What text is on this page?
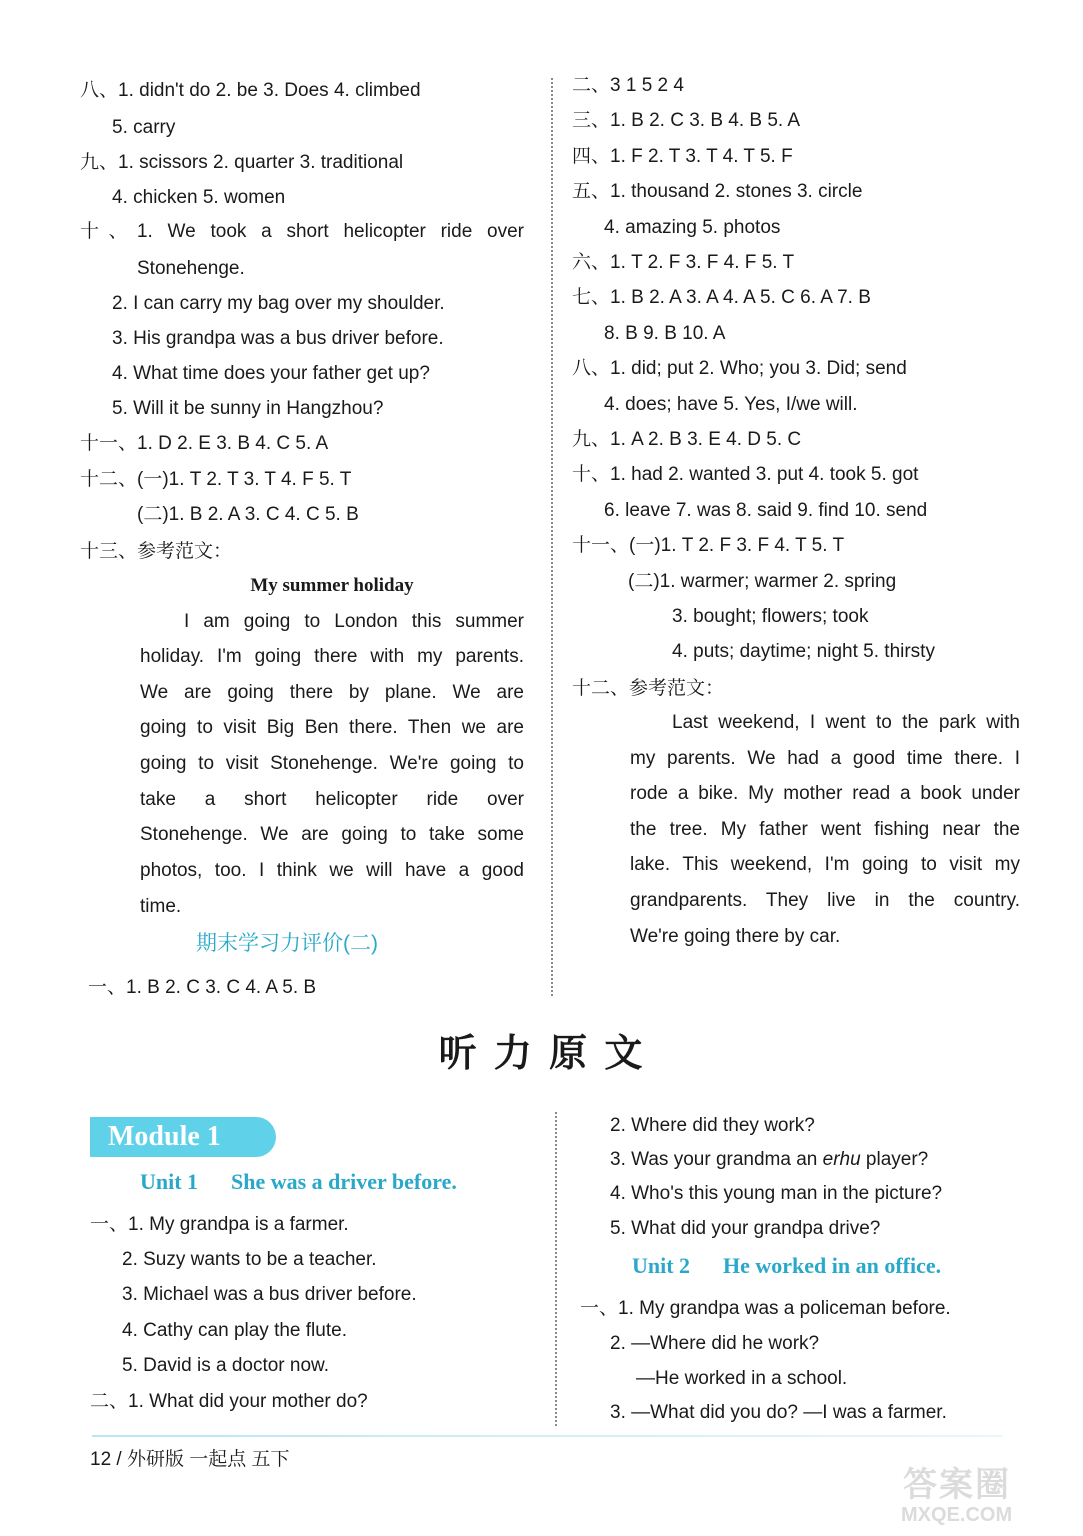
八、1. didn't do 2. be 3. Does 4. climbed
5. carry
九、1. scissors 2. quarter 3. traditional
4. chicken 5. women
十、1. We took a short helicopter ride over
Stonehenge.
2. I can carry my bag over my shoulder.
3. His grandpa was a bus driver before.
4. What time does your father get up?
5. Will it be sunny in Hangzhou?
十一、1. D 2. E 3. B 4. C 5. A
十二、(一)1. T 2. T 3. T 4. F 5. T
(二)1. B 2. A 3. C 4. C 5. B
十三、参考范文：
My summer holiday
I am going to London this summer
holiday. I'm going there with my parents.
We are going there by plane. We are
going to visit Big Ben there. Then we are
going to visit Stonehenge. We're going to
take a short helicopter ride over
Stonehenge. We are going to take some
photos, too. I think we will have a good
time.
期末学习力评价(二)
一、1. B 2. C 3. C 4. A 5. B
二、3 1 5 2 4
三、1. B 2. C 3. B 4. B 5. A
四、1. F 2. T 3. T 4. T 5. F
五、1. thousand 2. stones 3. circle
4. amazing 5. photos
六、1. T 2. F 3. F 4. F 5. T
七、1. B 2. A 3. A 4. A 5. C 6. A 7. B
8. B 9. B 10. A
八、1. did; put 2. Who; you 3. Did; send
4. does; have 5. Yes, I/we will.
九、1. A 2. B 3. E 4. D 5. C
十、1. had 2. wanted 3. put 4. took 5. got
6. leave 7. was 8. said 9. find 10. send
十一、(一)1. T 2. F 3. F 4. T 5. T
(二)1. warmer; warmer 2. spring
3. bought; flowers; took
4. puts; daytime; night 5. thirsty
十二、参考范文：
Last weekend, I went to the park with
my parents. We had a good time there. I
rode a bike. My mother read a book under
the tree. My father went fishing near the
lake. This weekend, I'm going to visit my
grandparents. They live in the country.
We're going there by car.
听 力 原 文
Module 1
Unit 1 She was a driver before.
一、1. My grandpa is a farmer.
2. Suzy wants to be a teacher.
3. Michael was a bus driver before.
4. Cathy can play the flute.
5. David is a doctor now.
二、1. What did your mother do?
2. Where did they work?
3. Was your grandma an erhu player?
4. Who's this young man in the picture?
5. What did your grandpa drive?
Unit 2 He worked in an office.
一、1. My grandpa was a policeman before.
2. —Where did he work?
—He worked in a school.
3. —What did you do? —I was a farmer.
12 / 外研版 一起点 五下
答案圈
MXQE.COM
